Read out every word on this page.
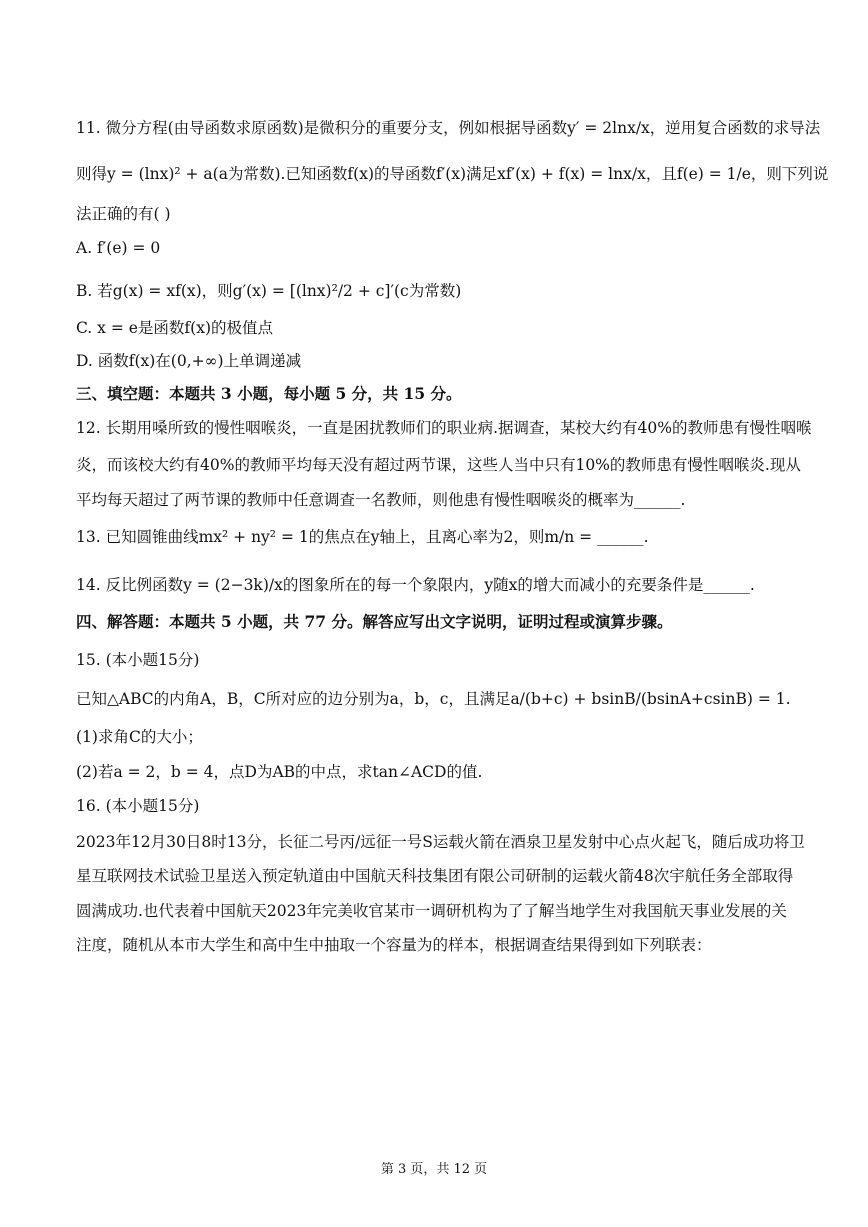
11. 微分方程(由导函数求原函数)是微积分的重要分支，例如根据导函数y′ = 2lnx/x，逆用复合函数的求导法
则得y = (lnx)² + a(a为常数).已知函数f(x)的导函数f′(x)满足xf′(x) + f(x) = lnx/x，且f(e) = 1/e，则下列说
法正确的有( )
A. f′(e) = 0
B. 若g(x) = xf(x)，则g′(x) = [(lnx)²/2 + c]′(c为常数)
C. x = e是函数f(x)的极值点
D. 函数f(x)在(0,+∞)上单调递减
三、填空题：本题共 3 小题，每小题 5 分，共 15 分。
12. 长期用嗓所致的慢性咽喉炎，一直是困扰教师们的职业病.据调查，某校大约有40%的教师患有慢性咽喉
炎，而该校大约有40%的教师平均每天没有超过两节课，这些人当中只有10%的教师患有慢性咽喉炎.现从
平均每天超过了两节课的教师中任意调查一名教师，则他患有慢性咽喉炎的概率为______.
13. 已知圆锥曲线mx² + ny² = 1的焦点在y轴上，且离心率为2，则m/n = ______.
14. 反比例函数y = (2−3k)/x的图象所在的每一个象限内，y随x的增大而减小的充要条件是______.
四、解答题：本题共 5 小题，共 77 分。解答应写出文字说明，证明过程或演算步骤。
15. (本小题15分)
已知△ABC的内角A，B，C所对应的边分别为a，b，c，且满足a/(b+c) + bsinB/(bsinA+csinB) = 1.
(1)求角C的大小；
(2)若a = 2，b = 4，点D为AB的中点，求tan∠ACD的值.
16. (本小题15分)
2023年12月30日8时13分，长征二号丙/远征一号S运载火箭在酒泉卫星发射中心点火起飞，随后成功将卫
星互联网技术试验卫星送入预定轨道由中国航天科技集团有限公司研制的运载火箭48次宇航任务全部取得
圆满成功.也代表着中国航天2023年完美收官某市一调研机构为了了解当地学生对我国航天事业发展的关
注度，随机从本市大学生和高中生中抽取一个容量为的样本，根据调查结果得到如下列联表：
第 3 页，共 12 页
